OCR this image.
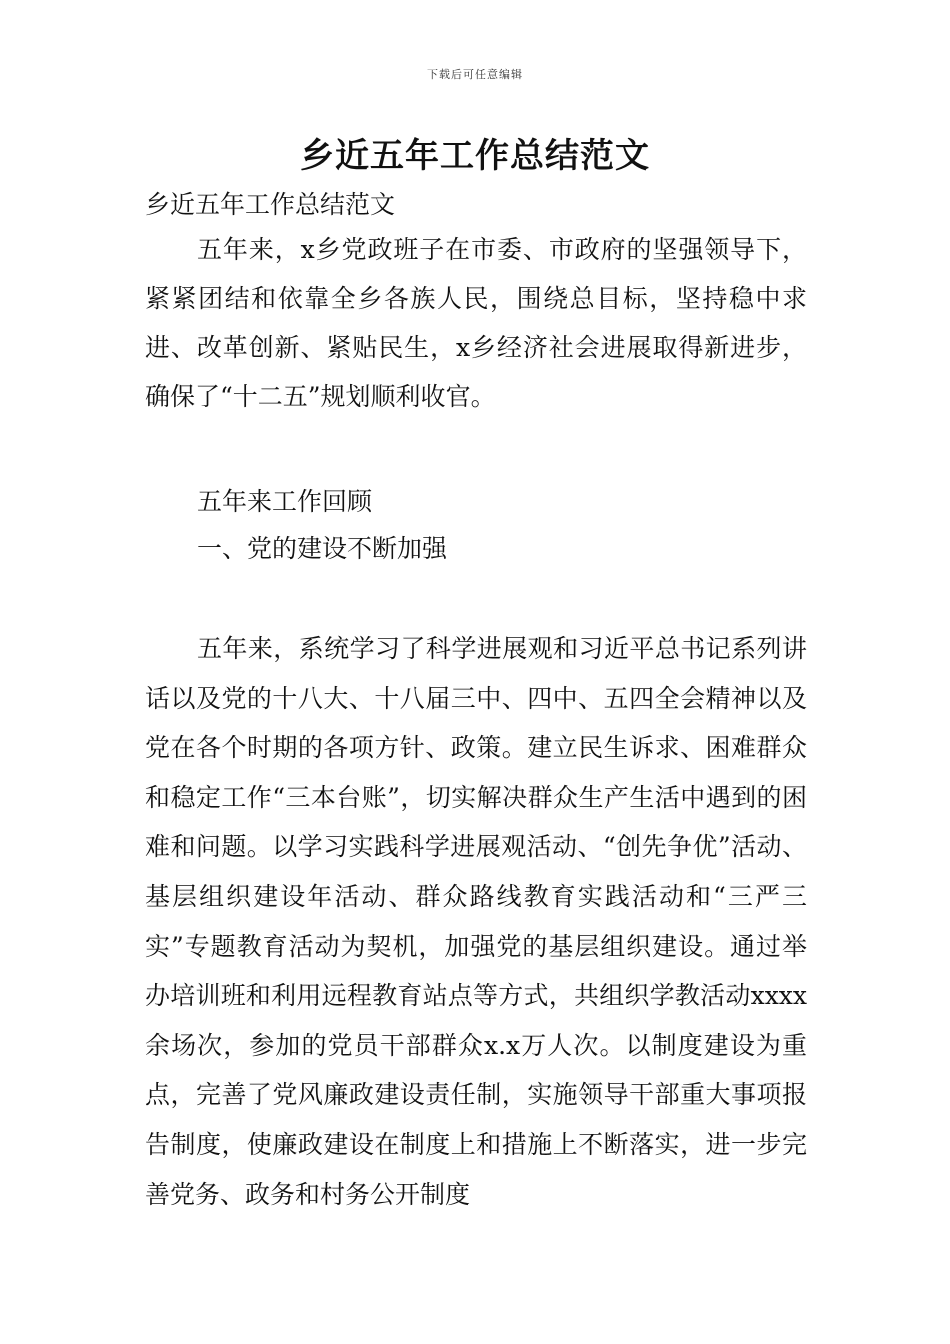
下载后可任意编辑
乡近五年工作总结范文

乡近五年工作总结范文

五年来，x乡党政班子在市委、市政府的坚强领导下，紧紧团结和依靠全乡各族人民，围绕总目标，坚持稳中求进、改革创新、紧贴民生，x乡经济社会进展取得新进步，确保了“十二五”规划顺利收官。

五年来工作回顾

一、党的建设不断加强

五年来，系统学习了科学进展观和习近平总书记系列讲话以及党的十八大、十八届三中、四中、五四全会精神以及党在各个时期的各项方针、政策。建立民生诉求、困难群众和稳定工作“三本台账”，切实解决群众生产生活中遇到的困难和问题。以学习实践科学进展观活动、“创先争优”活动、基层组织建设年活动、群众路线教育实践活动和“三严三实”专题教育活动为契机，加强党的基层组织建设。通过举办培训班和利用远程教育站点等方式，共组织学教活动xxxx余场次，参加的党员干部群众x.x万人次。以制度建设为重点，完善了党风廉政建设责任制，实施领导干部重大事项报告制度，使廉政建设在制度上和措施上不断落实，进一步完善党务、政务和村务公开制度
